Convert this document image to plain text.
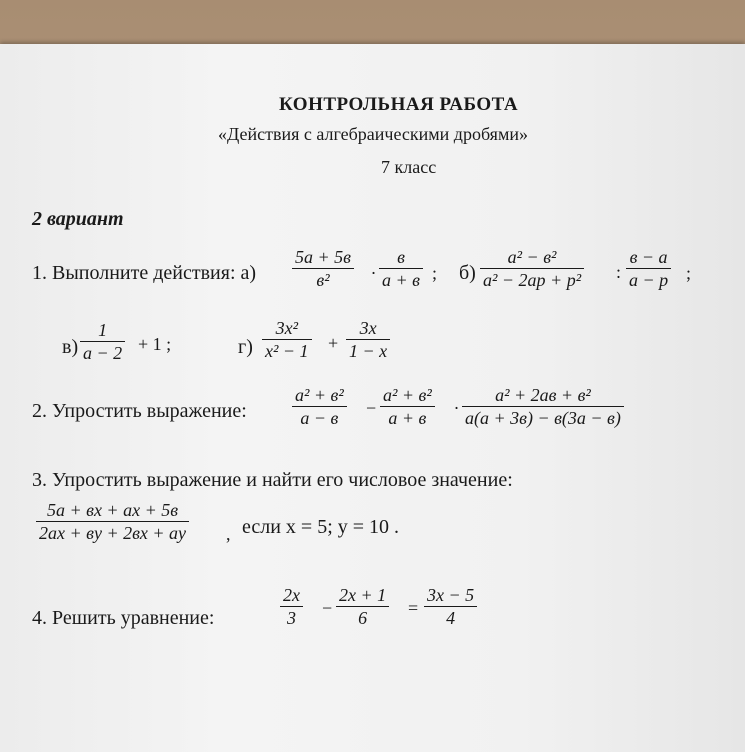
КОНТРОЛЬНАЯ РАБОТА
«Действия с алгебраическими дробями»
7 класс
2 вариант
1. Выполните действия: а)
5a + 5в
в² ·
в
a + в ; б)
a² − в²
a² − 2ap + p² :
в − a
a − p ;
в)
1
a − 2 + 1 ;	г)
3x²
x² − 1 +
3x
1 − x
2. Упростить выражение:
a² + в²
a − в −
a² + в²
a + в ·
a² + 2aв + в²
a(a + 3в) − в(3a − в)
3. Упростить выражение и найти его числовое значение:
5a + вx + ax + 5в
2ax + вy + 2вx + ay , если x = 5; y = 10 .
4. Решить уравнение:
2x
3 −
2x + 1
6 =
3x − 5
4
